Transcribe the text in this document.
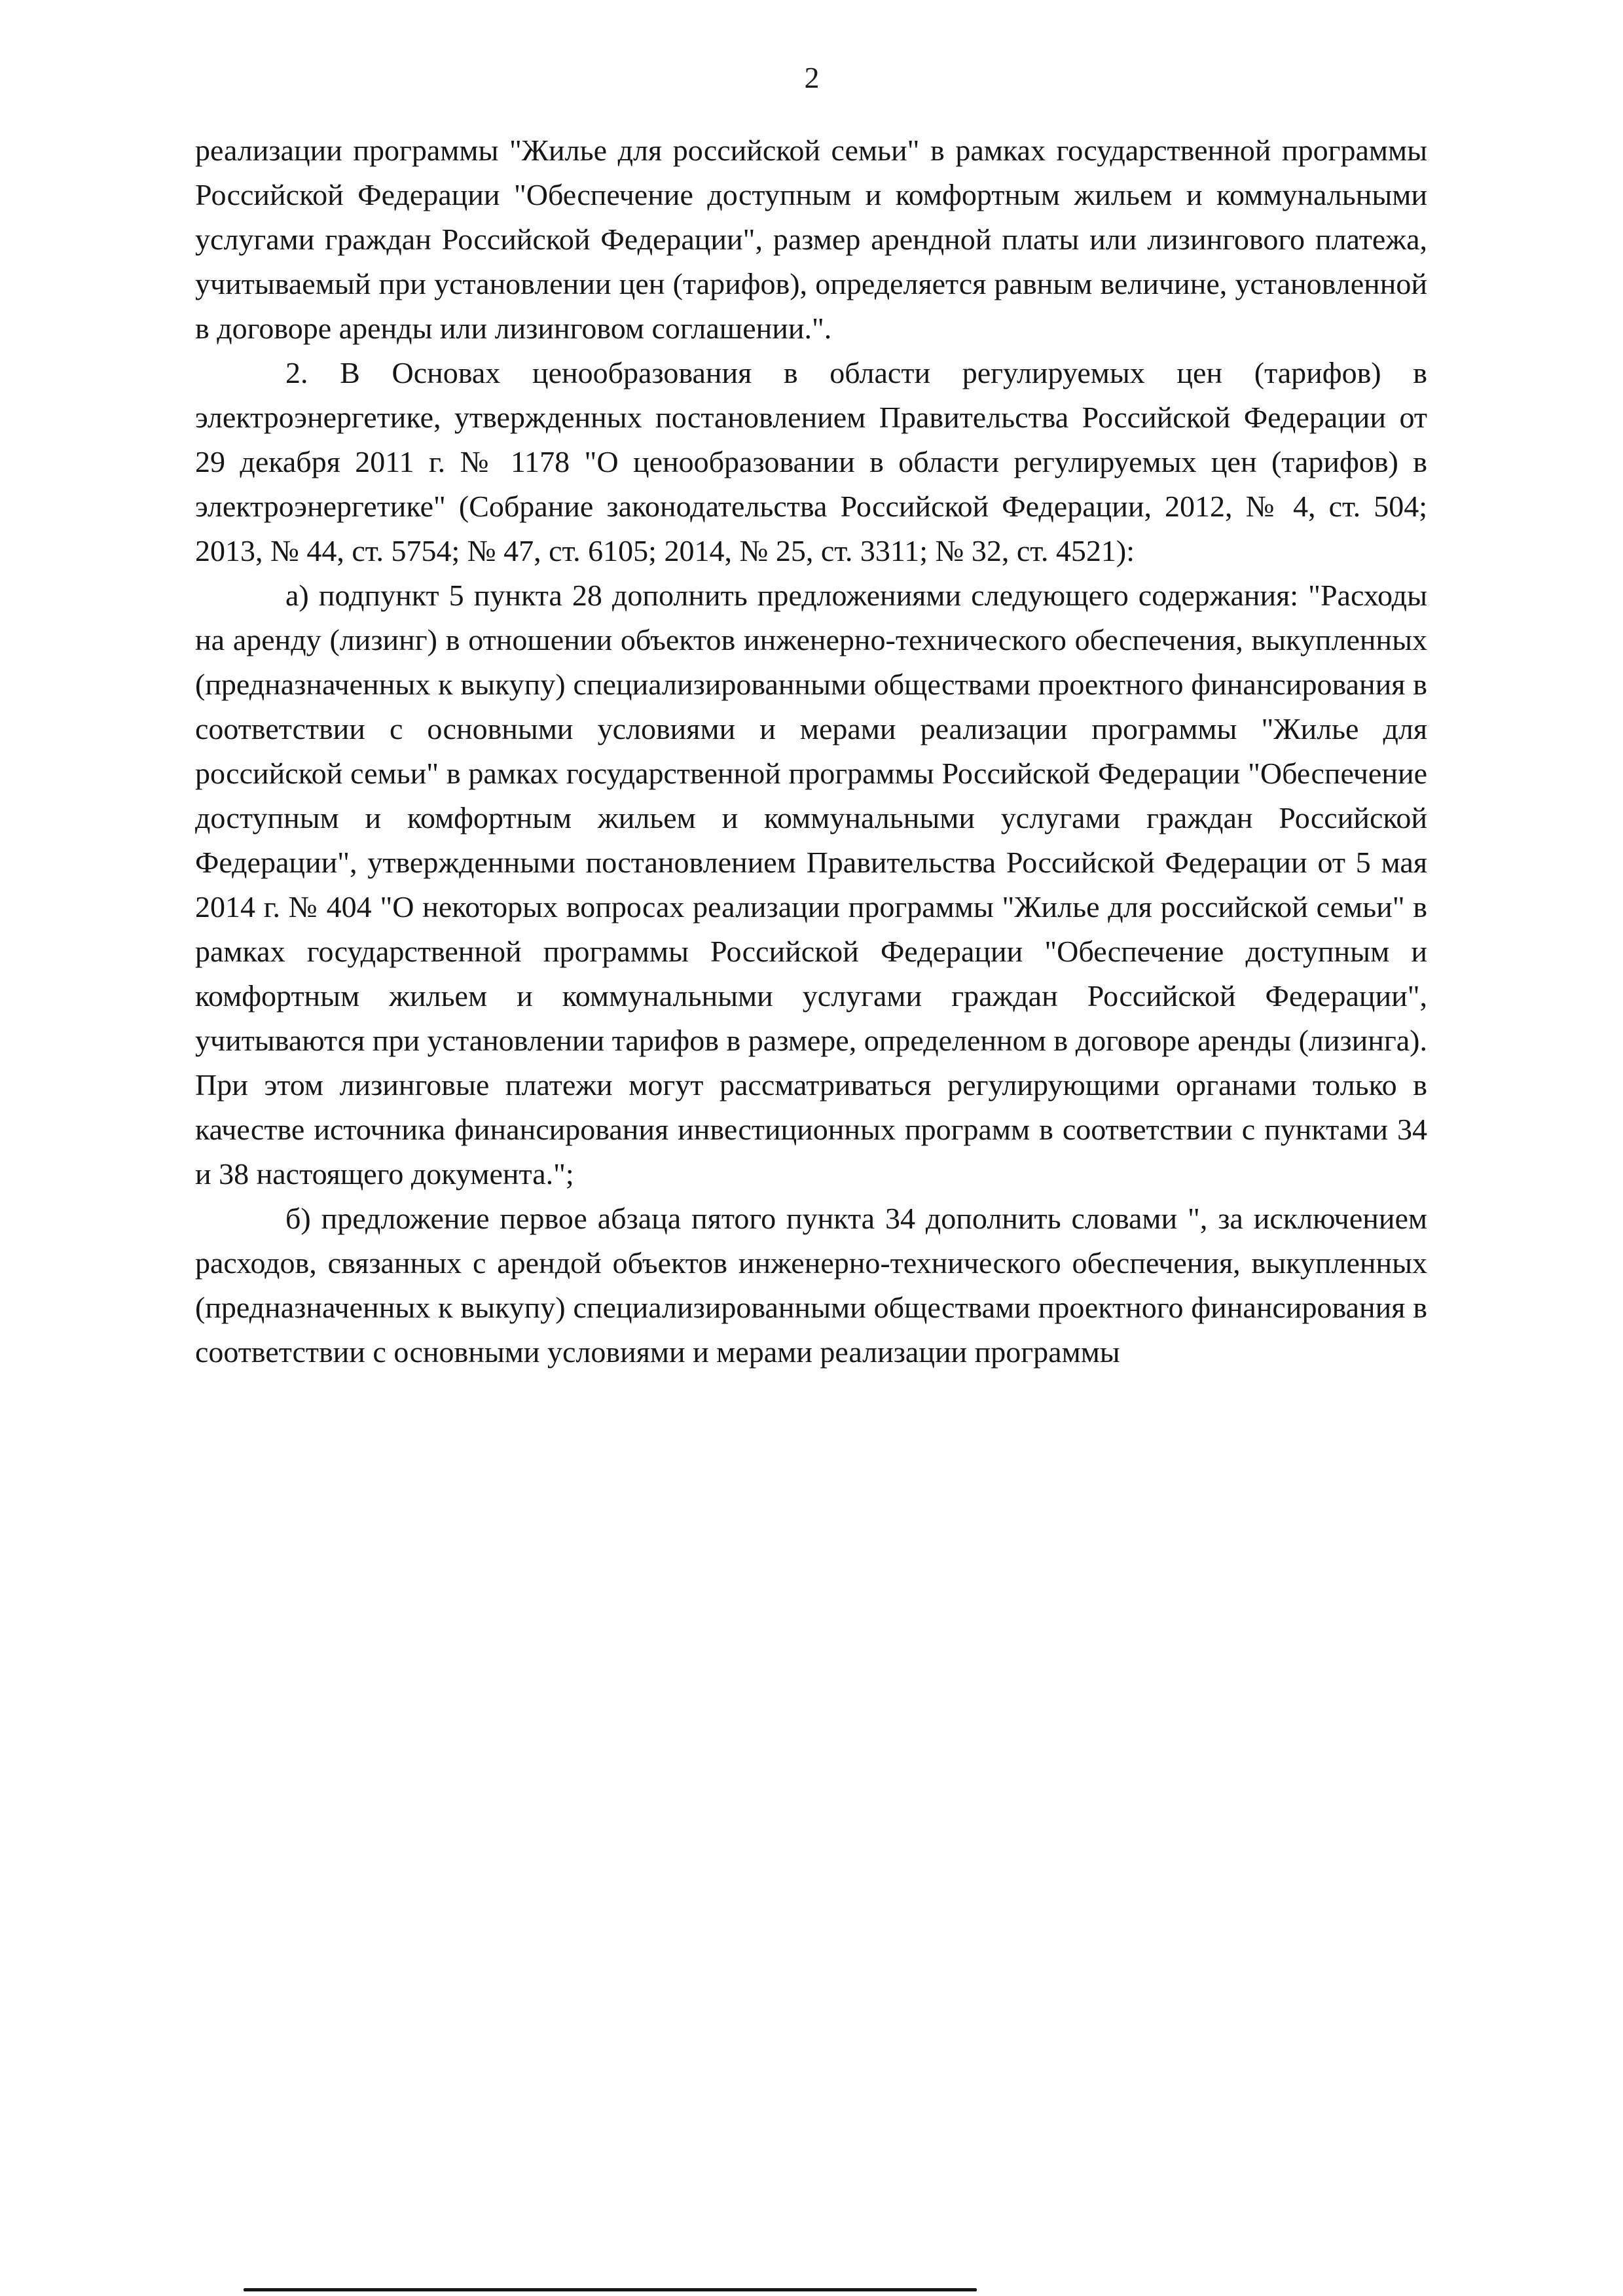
2

реализации программы "Жилье для российской семьи" в рамках государственной программы Российской Федерации "Обеспечение доступным и комфортным жильем и коммунальными услугами граждан Российской Федерации", размер арендной платы или лизингового платежа, учитываемый при установлении цен (тарифов), определяется равным величине, установленной в договоре аренды или лизинговом соглашении.".

2. В Основах ценообразования в области регулируемых цен (тарифов) в электроэнергетике, утвержденных постановлением Правительства Российской Федерации от 29 декабря 2011 г. № 1178 "О ценообразовании в области регулируемых цен (тарифов) в электроэнергетике" (Собрание законодательства Российской Федерации, 2012, № 4, ст. 504; 2013, № 44, ст. 5754; № 47, ст. 6105; 2014, № 25, ст. 3311; № 32, ст. 4521):

а) подпункт 5 пункта 28 дополнить предложениями следующего содержания: "Расходы на аренду (лизинг) в отношении объектов инженерно-технического обеспечения, выкупленных (предназначенных к выкупу) специализированными обществами проектного финансирования в соответствии с основными условиями и мерами реализации программы "Жилье для российской семьи" в рамках государственной программы Российской Федерации "Обеспечение доступным и комфортным жильем и коммунальными услугами граждан Российской Федерации", утвержденными постановлением Правительства Российской Федерации от 5 мая 2014 г. № 404 "О некоторых вопросах реализации программы "Жилье для российской семьи" в рамках государственной программы Российской Федерации "Обеспечение доступным и комфортным жильем и коммунальными услугами граждан Российской Федерации", учитываются при установлении тарифов в размере, определенном в договоре аренды (лизинга). При этом лизинговые платежи могут рассматриваться регулирующими органами только в качестве источника финансирования инвестиционных программ в соответствии с пунктами 34 и 38 настоящего документа.";

б) предложение первое абзаца пятого пункта 34 дополнить словами ", за исключением расходов, связанных с арендой объектов инженерно-технического обеспечения, выкупленных (предназначенных к выкупу) специализированными обществами проектного финансирования в соответствии с основными условиями и мерами реализации программы
